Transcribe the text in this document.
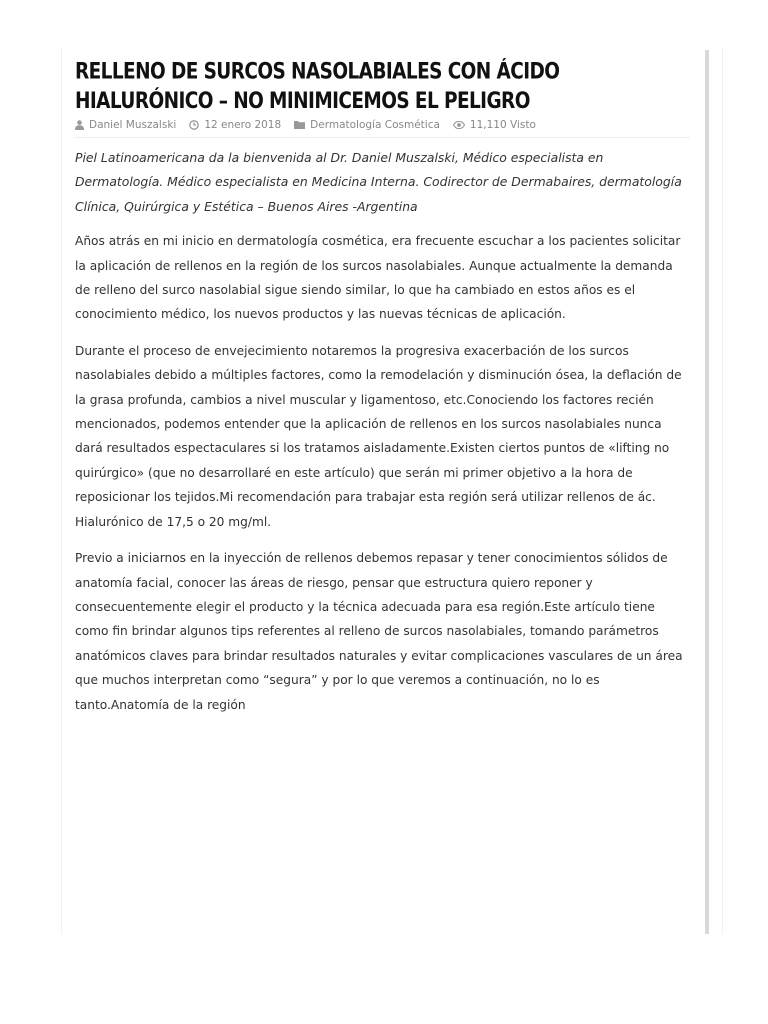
RELLENO DE SURCOS NASOLABIALES CON ÁCIDO HIALURÓNICO – NO MINIMICEMOS EL PELIGRO
Daniel Muszalski	12 enero 2018	Dermatología Cosmética	11,110 Visto

Piel Latinoamericana da la bienvenida al Dr. Daniel Muszalski, Médico especialista en Dermatología. Médico especialista en Medicina Interna. Codirector de Dermabaires, dermatología Clínica, Quirúrgica y Estética – Buenos Aires -Argentina

Años atrás en mi inicio en dermatología cosmética, era frecuente escuchar a los pacientes solicitar la aplicación de rellenos en la región de los surcos nasolabiales. Aunque actualmente la demanda de relleno del surco nasolabial sigue siendo similar, lo que ha cambiado en estos años es el conocimiento médico, los nuevos productos y las nuevas técnicas de aplicación.

Durante el proceso de envejecimiento notaremos la progresiva exacerbación de los surcos nasolabiales debido a múltiples factores, como la remodelación y disminución ósea, la deflación de la grasa profunda, cambios a nivel muscular y ligamentoso, etc.Conociendo los factores recién mencionados, podemos entender que la aplicación de rellenos en los surcos nasolabiales nunca dará resultados espectaculares si los tratamos aisladamente.Existen ciertos puntos de «lifting no quirúrgico» (que no desarrollaré en este artículo) que serán mi primer objetivo a la hora de reposicionar los tejidos.Mi recomendación para trabajar esta región será utilizar rellenos de ác. Hialurónico de 17,5 o 20 mg/ml.

Previo a iniciarnos en la inyección de rellenos debemos repasar y tener conocimientos sólidos de anatomía facial, conocer las áreas de riesgo, pensar que estructura quiero reponer y consecuentemente elegir el producto y la técnica adecuada para esa región.Este artículo tiene como fin brindar algunos tips referentes al relleno de surcos nasolabiales, tomando parámetros anatómicos claves para brindar resultados naturales y evitar complicaciones vasculares de un área que muchos interpretan como “segura” y por lo que veremos a continuación, no lo es tanto.Anatomía de la región
